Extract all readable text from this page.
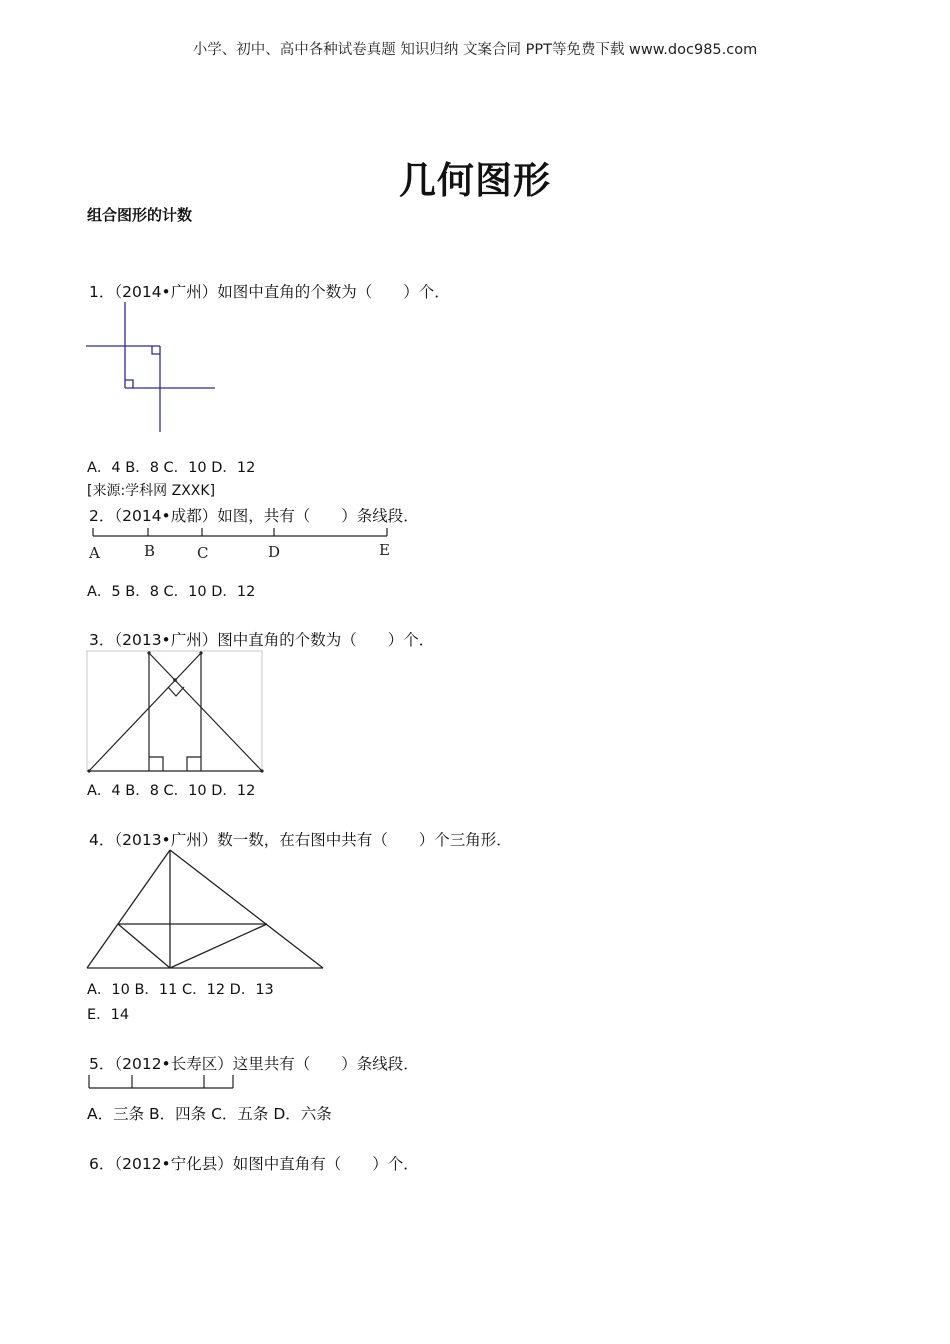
小学、初中、高中各种试卷真题 知识归纳 文案合同 PPT等免费下载 www.doc985.com
几何图形
组合图形的计数
1．（2014•广州）如图中直角的个数为（　　）个．
A．4 B．8 C．10 D．12
[来源:学科网 ZXXK]
2．（2014•成都）如图，共有（　　）条线段．
A	B	C	D	E
A．5 B．8 C．10 D．12
3．（2013•广州）图中直角的个数为（　　）个．
A．4 B．8 C．10 D．12
4．（2013•广州）数一数，在右图中共有（　　）个三角形．
A．10 B．11 C．12 D．13
E．14
5．（2012•长寿区）这里共有（　　）条线段．
A．三条 B．四条 C．五条 D．六条
6．（2012•宁化县）如图中直角有（　　）个．
